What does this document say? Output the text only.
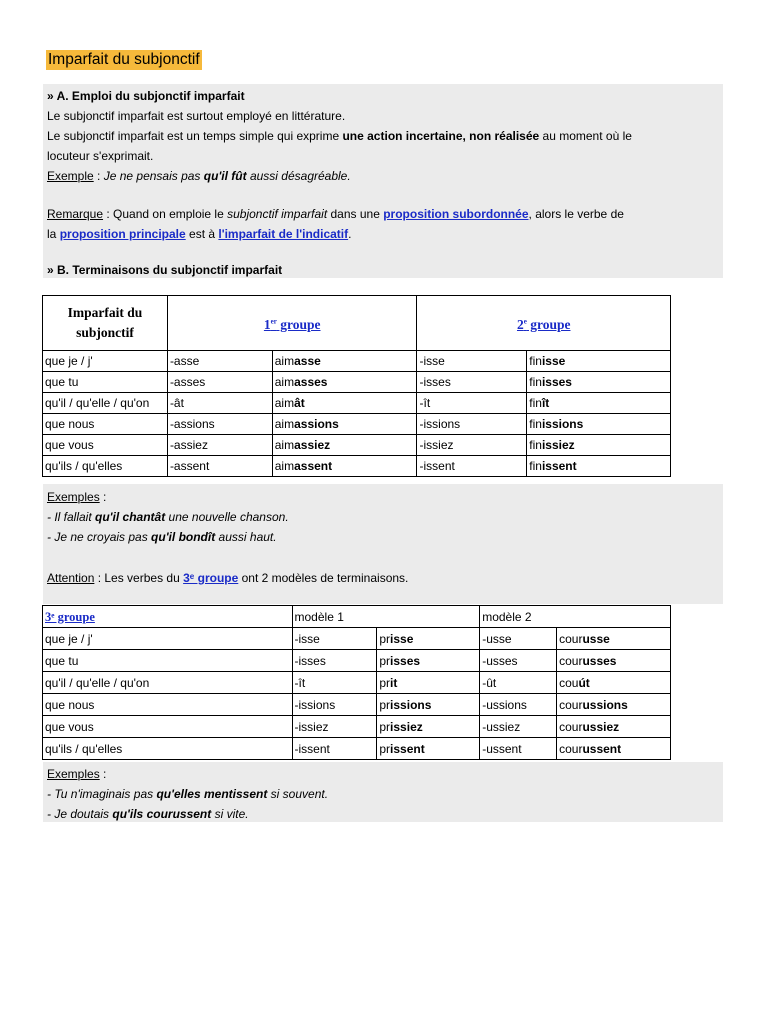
Imparfait du subjonctif
» A. Emploi du subjonctif imparfait
Le subjonctif imparfait est surtout employé en littérature.
Le subjonctif imparfait est un temps simple qui exprime une action incertaine, non réalisée au moment où le
locuteur s'exprimait.
Exemple : Je ne pensais pas qu'il fût aussi désagréable.
Remarque : Quand on emploie le subjonctif imparfait dans une proposition subordonnée, alors le verbe de
la proposition principale est à l'imparfait de l'indicatif.
» B. Terminaisons du subjonctif imparfait
Imparfait du subjonctif	1er groupe		2e groupe	
que je / j'	-asse	aimasse	-isse	finisse
que tu	-asses	aimasses	-isses	finisses
qu'il / qu'elle / qu'on	-ât	aimât	-ît	finît
que nous	-assions	aimassions	-issions	finissions
que vous	-assiez	aimassiez	-issiez	finissiez
qu'ils / qu'elles	-assent	aimassent	-issent	finissent
Exemples :
- Il fallait qu'il chantât une nouvelle chanson.
- Je ne croyais pas qu'il bondît aussi haut.
Attention : Les verbes du 3ᵉ groupe ont 2 modèles de terminaisons.
3ᵉ groupe	modèle 1		modèle 2	
que je / j'	-isse	prisse	-usse	courusse
que tu	-isses	prisses	-usses	courusses
qu'il / qu'elle / qu'on	-ît	prit	-ût	couút
que nous	-issions	prissions	-ussions	courussions
que vous	-issiez	prissiez	-ussiez	courussiez
qu'ils / qu'elles	-issent	prissent	-ussent	courussent
Exemples :
- Tu n'imaginais pas qu'elles mentissent si souvent.
- Je doutais qu'ils courussent si vite.
